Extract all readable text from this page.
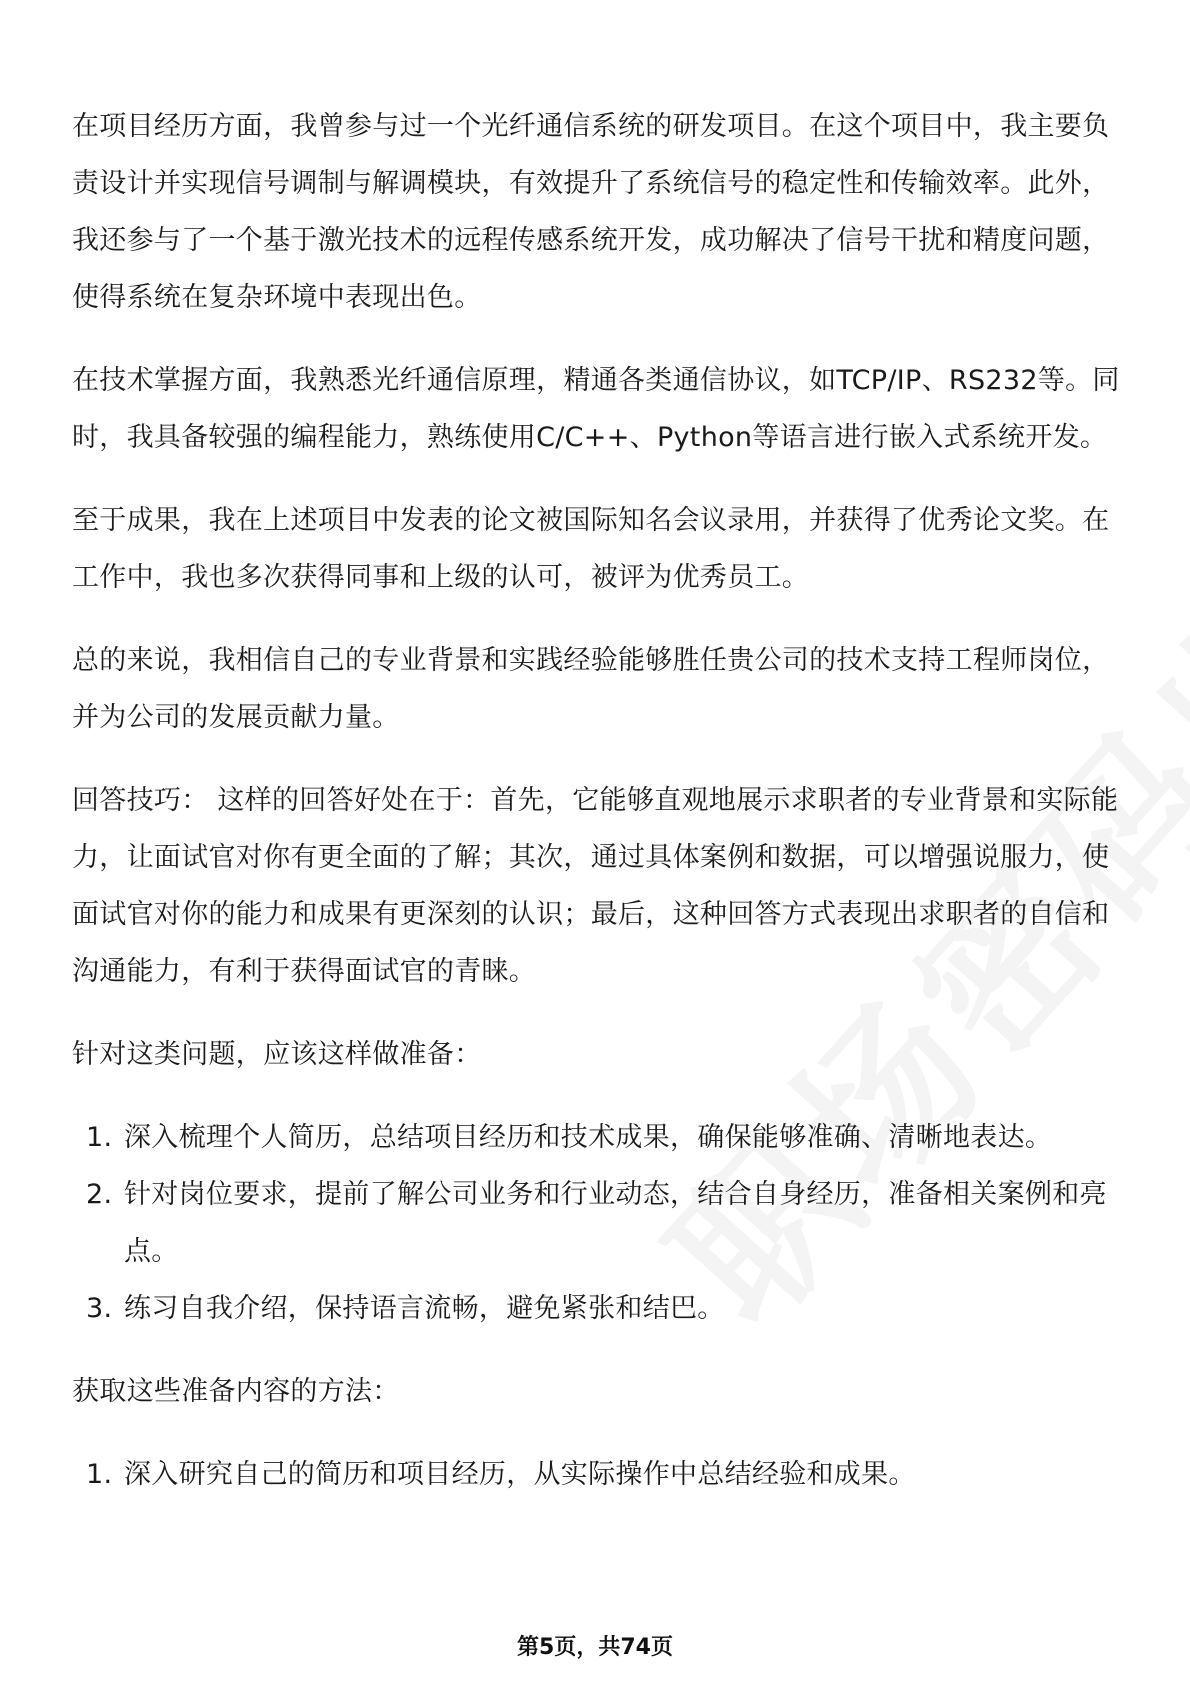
在项目经历方面，我曾参与过一个光纤通信系统的研发项目。在这个项目中，我主要负责设计并实现信号调制与解调模块，有效提升了系统信号的稳定性和传输效率。此外，我还参与了一个基于激光技术的远程传感系统开发，成功解决了信号干扰和精度问题，使得系统在复杂环境中表现出色。

在技术掌握方面，我熟悉光纤通信原理，精通各类通信协议，如TCP/IP、RS232等。同时，我具备较强的编程能力，熟练使用C/C++、Python等语言进行嵌入式系统开发。

至于成果，我在上述项目中发表的论文被国际知名会议录用，并获得了优秀论文奖。在工作中，我也多次获得同事和上级的认可，被评为优秀员工。

总的来说，我相信自己的专业背景和实践经验能够胜任贵公司的技术支持工程师岗位，并为公司的发展贡献力量。

回答技巧： 这样的回答好处在于：首先，它能够直观地展示求职者的专业背景和实际能力，让面试官对你有更全面的了解；其次，通过具体案例和数据，可以增强说服力，使面试官对你的能力和成果有更深刻的认识；最后，这种回答方式表现出求职者的自信和沟通能力，有利于获得面试官的青睐。

针对这类问题，应该这样做准备：

1. 深入梳理个人简历，总结项目经历和技术成果，确保能够准确、清晰地表达。
2. 针对岗位要求，提前了解公司业务和行业动态，结合自身经历，准备相关案例和亮点。
3. 练习自我介绍，保持语言流畅，避免紧张和结巴。

获取这些准备内容的方法：

1. 深入研究自己的简历和项目经历，从实际操作中总结经验和成果。
第5页，共74页
